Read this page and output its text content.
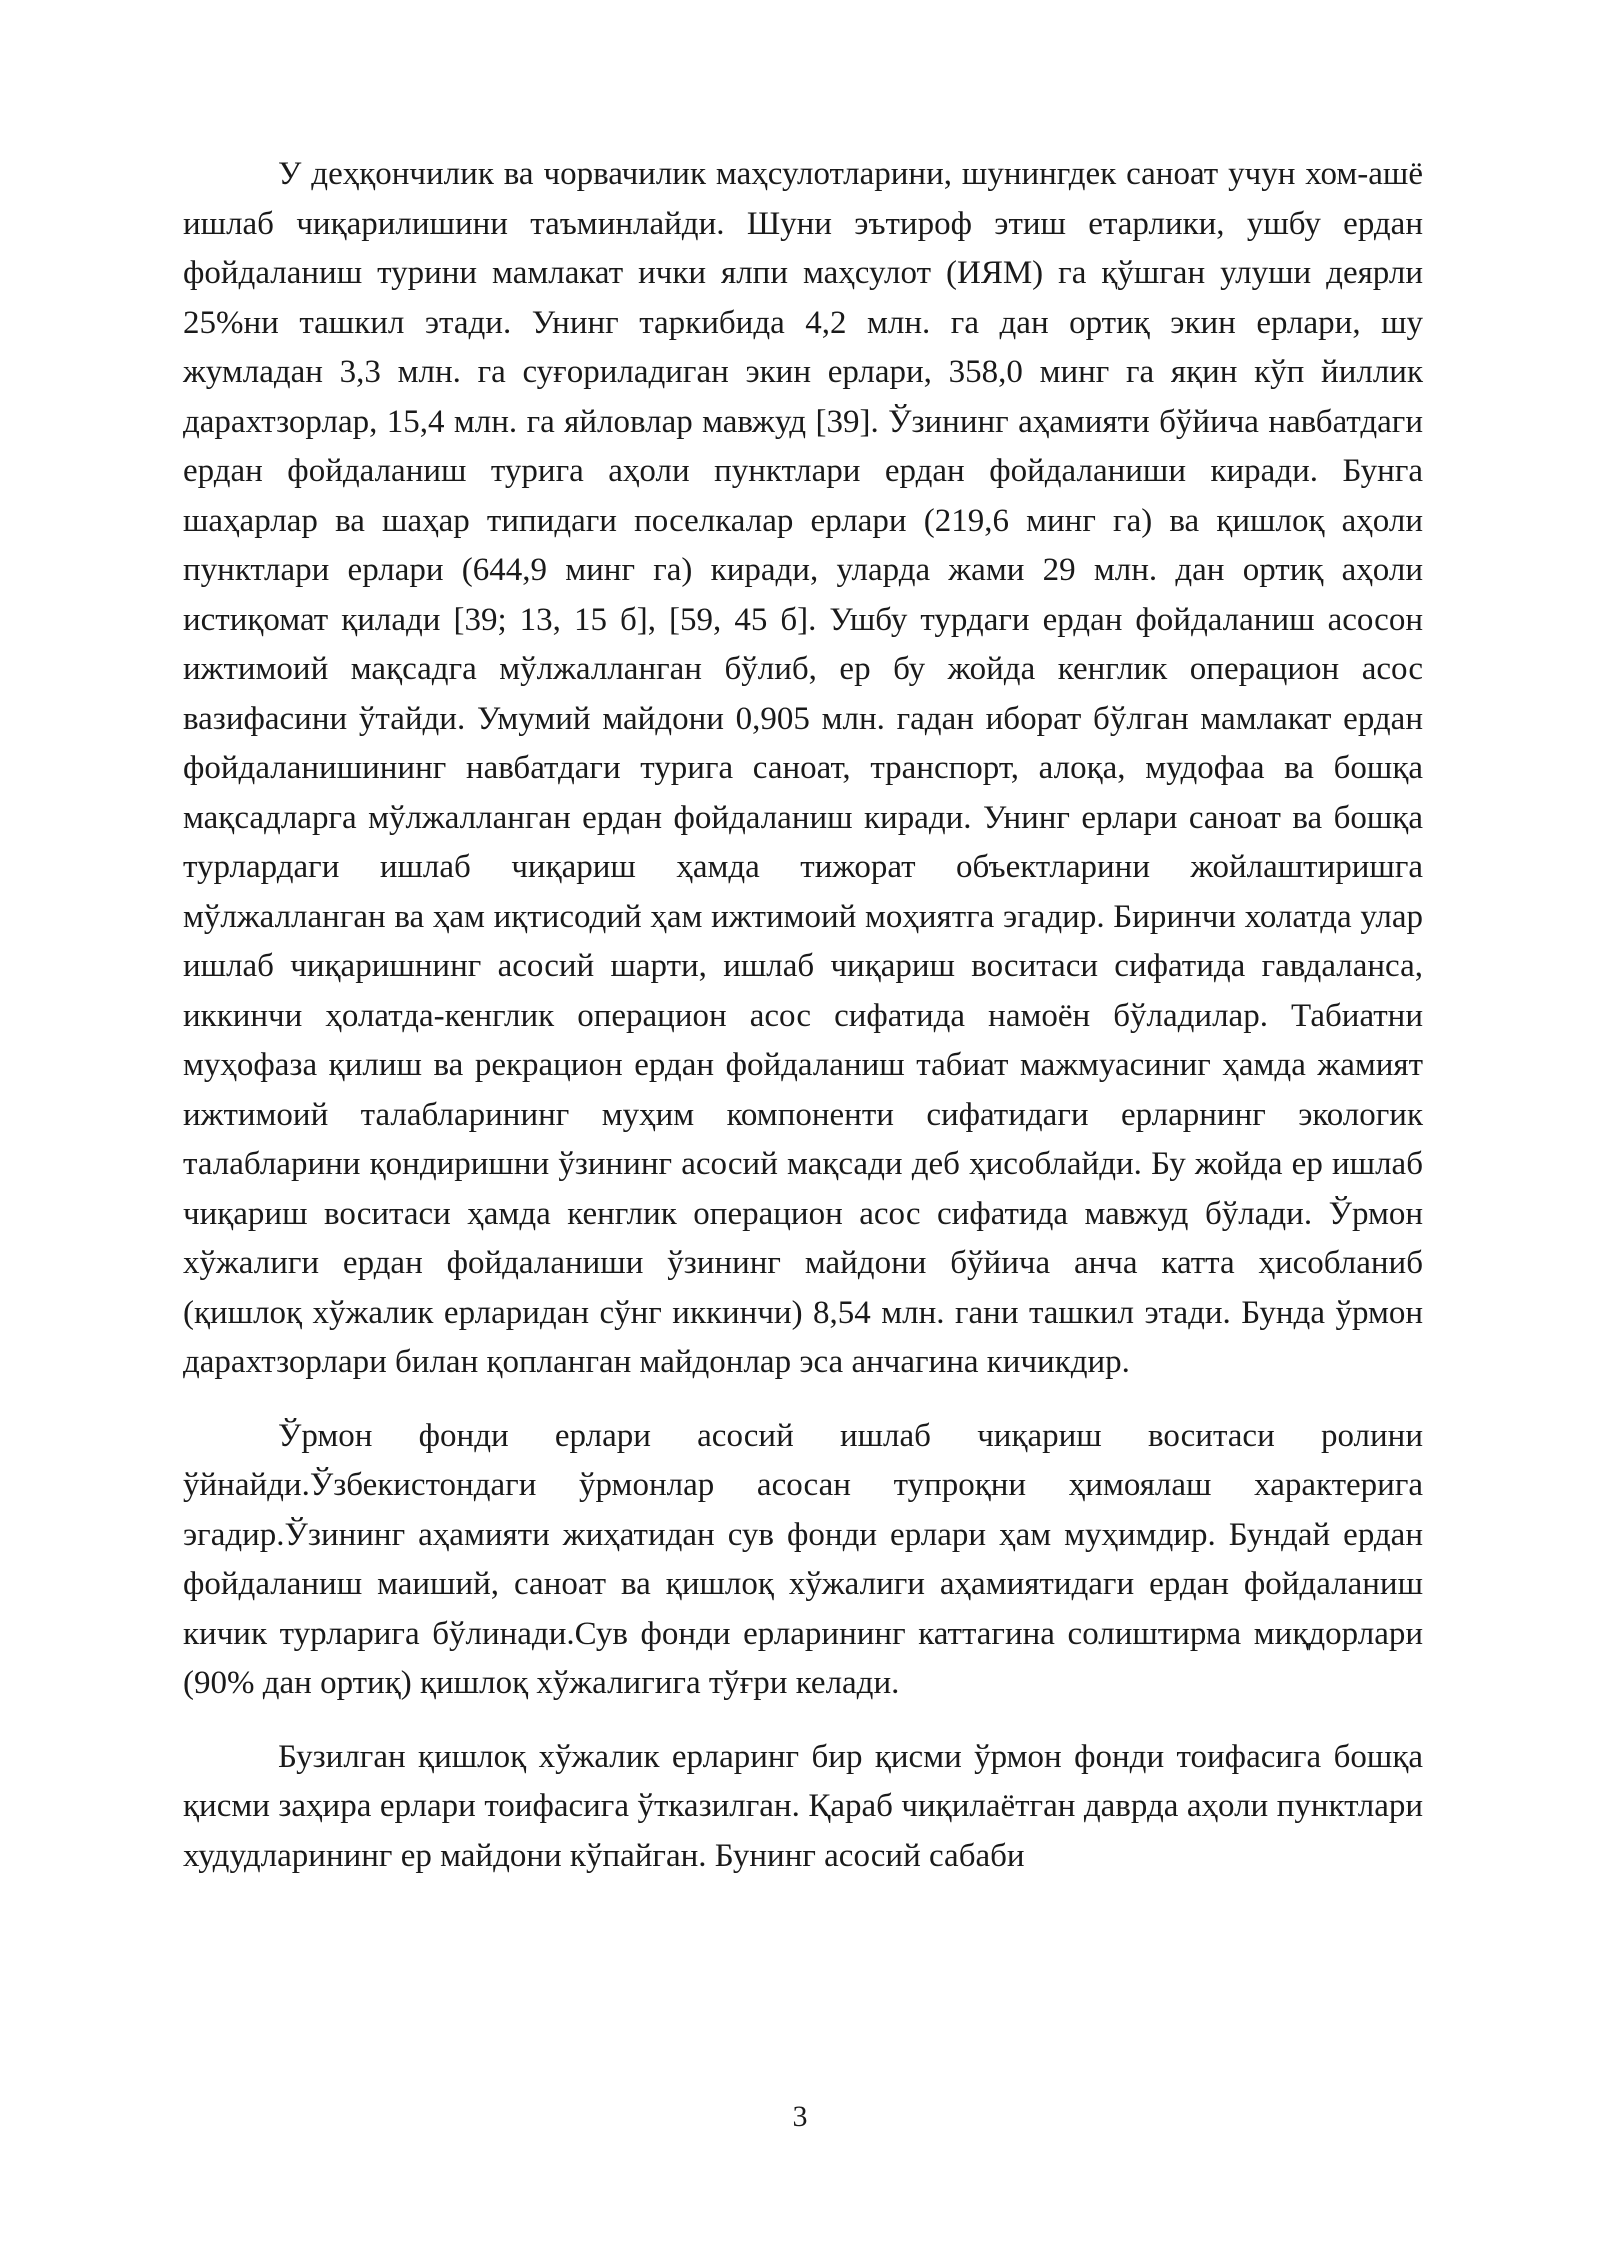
У деҳқончилик ва чорвачилик маҳсулотларини, шунингдек саноат учун хом-ашё ишлаб чиқарилишини таъминлайди. Шуни эътироф этиш етарлики, ушбу ердан фойдаланиш турини мамлакат ички ялпи маҳсулот (ИЯМ) га қўшган улуши деярли 25%ни ташкил этади. Унинг таркибида 4,2 млн. га дан ортиқ экин ерлари, шу жумладан 3,3 млн. га суғориладиган экин ерлари, 358,0 минг га яқин кўп йиллик дарахтзорлар, 15,4 млн. га яйловлар мавжуд [39]. Ўзининг аҳамияти бўйича навбатдаги ердан фойдаланиш турига аҳоли пунктлари ердан фойдаланиши киради. Бунга шаҳарлар ва шаҳар типидаги поселкалар ерлари (219,6 минг га) ва қишлоқ аҳоли пунктлари ерлари (644,9 минг га) киради, уларда жами 29 млн. дан ортиқ аҳоли истиқомат қилади [39; 13, 15 б], [59, 45 б]. Ушбу турдаги ердан фойдаланиш асосон ижтимоий мақсадга мўлжалланган бўлиб, ер бу жойда кенглик операцион асос вазифасини ўтайди. Умумий майдони 0,905 млн. гадан иборат бўлган мамлакат ердан фойдаланишининг навбатдаги турига саноат, транспорт, алоқа, мудофаа ва бошқа мақсадларга мўлжалланган ердан фойдаланиш киради. Унинг ерлари саноат ва бошқа турлардаги ишлаб чиқариш ҳамда тижорат объектларини жойлаштиришга мўлжалланган ва ҳам иқтисодий ҳам ижтимоий моҳиятга эгадир. Биринчи холатда улар ишлаб чиқаришнинг асосий шарти, ишлаб чиқариш воситаси сифатида гавдаланса, иккинчи ҳолатда-кенглик операцион асос сифатида намоён бўладилар. Табиатни муҳофаза қилиш ва рекрацион ердан фойдаланиш табиат мажмуасиниг ҳамда жамият ижтимоий талабларининг муҳим компоненти сифатидаги ерларнинг экологик талабларини қондиришни ўзининг асосий мақсади деб ҳисоблайди. Бу жойда ер ишлаб чиқариш воситаси ҳамда кенглик операцион асос сифатида мавжуд бўлади. Ўрмон хўжалиги ердан фойдаланиши ўзининг майдони бўйича анча катта ҳисобланиб (қишлоқ хўжалик ерларидан сўнг иккинчи) 8,54 млн. гани ташкил этади. Бунда ўрмон дарахтзорлари билан қопланган майдонлар эса анчагина кичикдир.

Ўрмон фонди ерлари асосий ишлаб чиқариш воситаси ролини ўйнайди.Ўзбекистондаги ўрмонлар асосан тупроқни ҳимоялаш характерига эгадир.Ўзининг аҳамияти жиҳатидан сув фонди ерлари ҳам муҳимдир. Бундай ердан фойдаланиш маиший, саноат ва қишлоқ хўжалиги аҳамиятидаги ердан фойдаланиш кичик турларига бўлинади.Сув фонди ерларининг каттагина солиштирма миқдорлари (90% дан ортиқ) қишлоқ хўжалигига тўғри келади.

Бузилган қишлоқ хўжалик ерларинг бир қисми ўрмон фонди тоифасига бошқа қисми заҳира ерлари тоифасига ўтказилган. Қараб чиқилаётган даврда аҳоли пунктлари худудларининг ер майдони кўпайган. Бунинг асосий сабаби

3
